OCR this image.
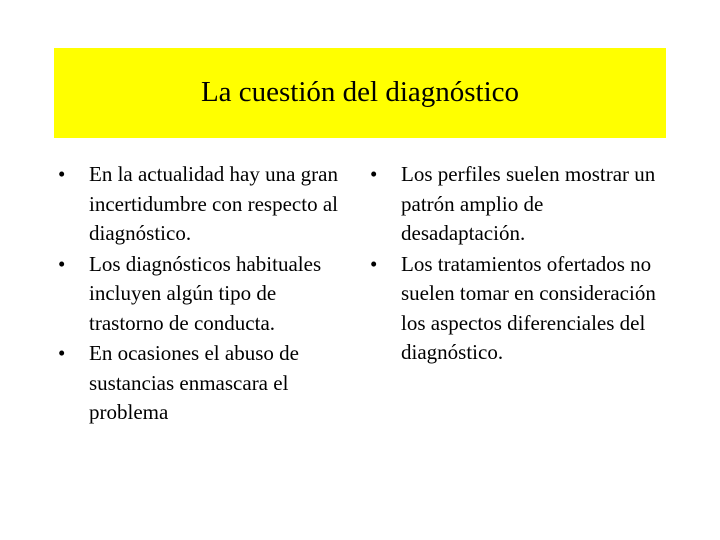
La cuestión del diagnóstico
•	En la actualidad hay una gran incertidumbre con respecto al diagnóstico.
•	Los diagnósticos habituales incluyen algún tipo de trastorno de conducta.
•	En ocasiones el abuso de sustancias enmascara el problema
•	Los perfiles suelen mostrar un patrón amplio de desadaptación.
•	Los tratamientos ofertados no suelen tomar en consideración los aspectos diferenciales del diagnóstico.
